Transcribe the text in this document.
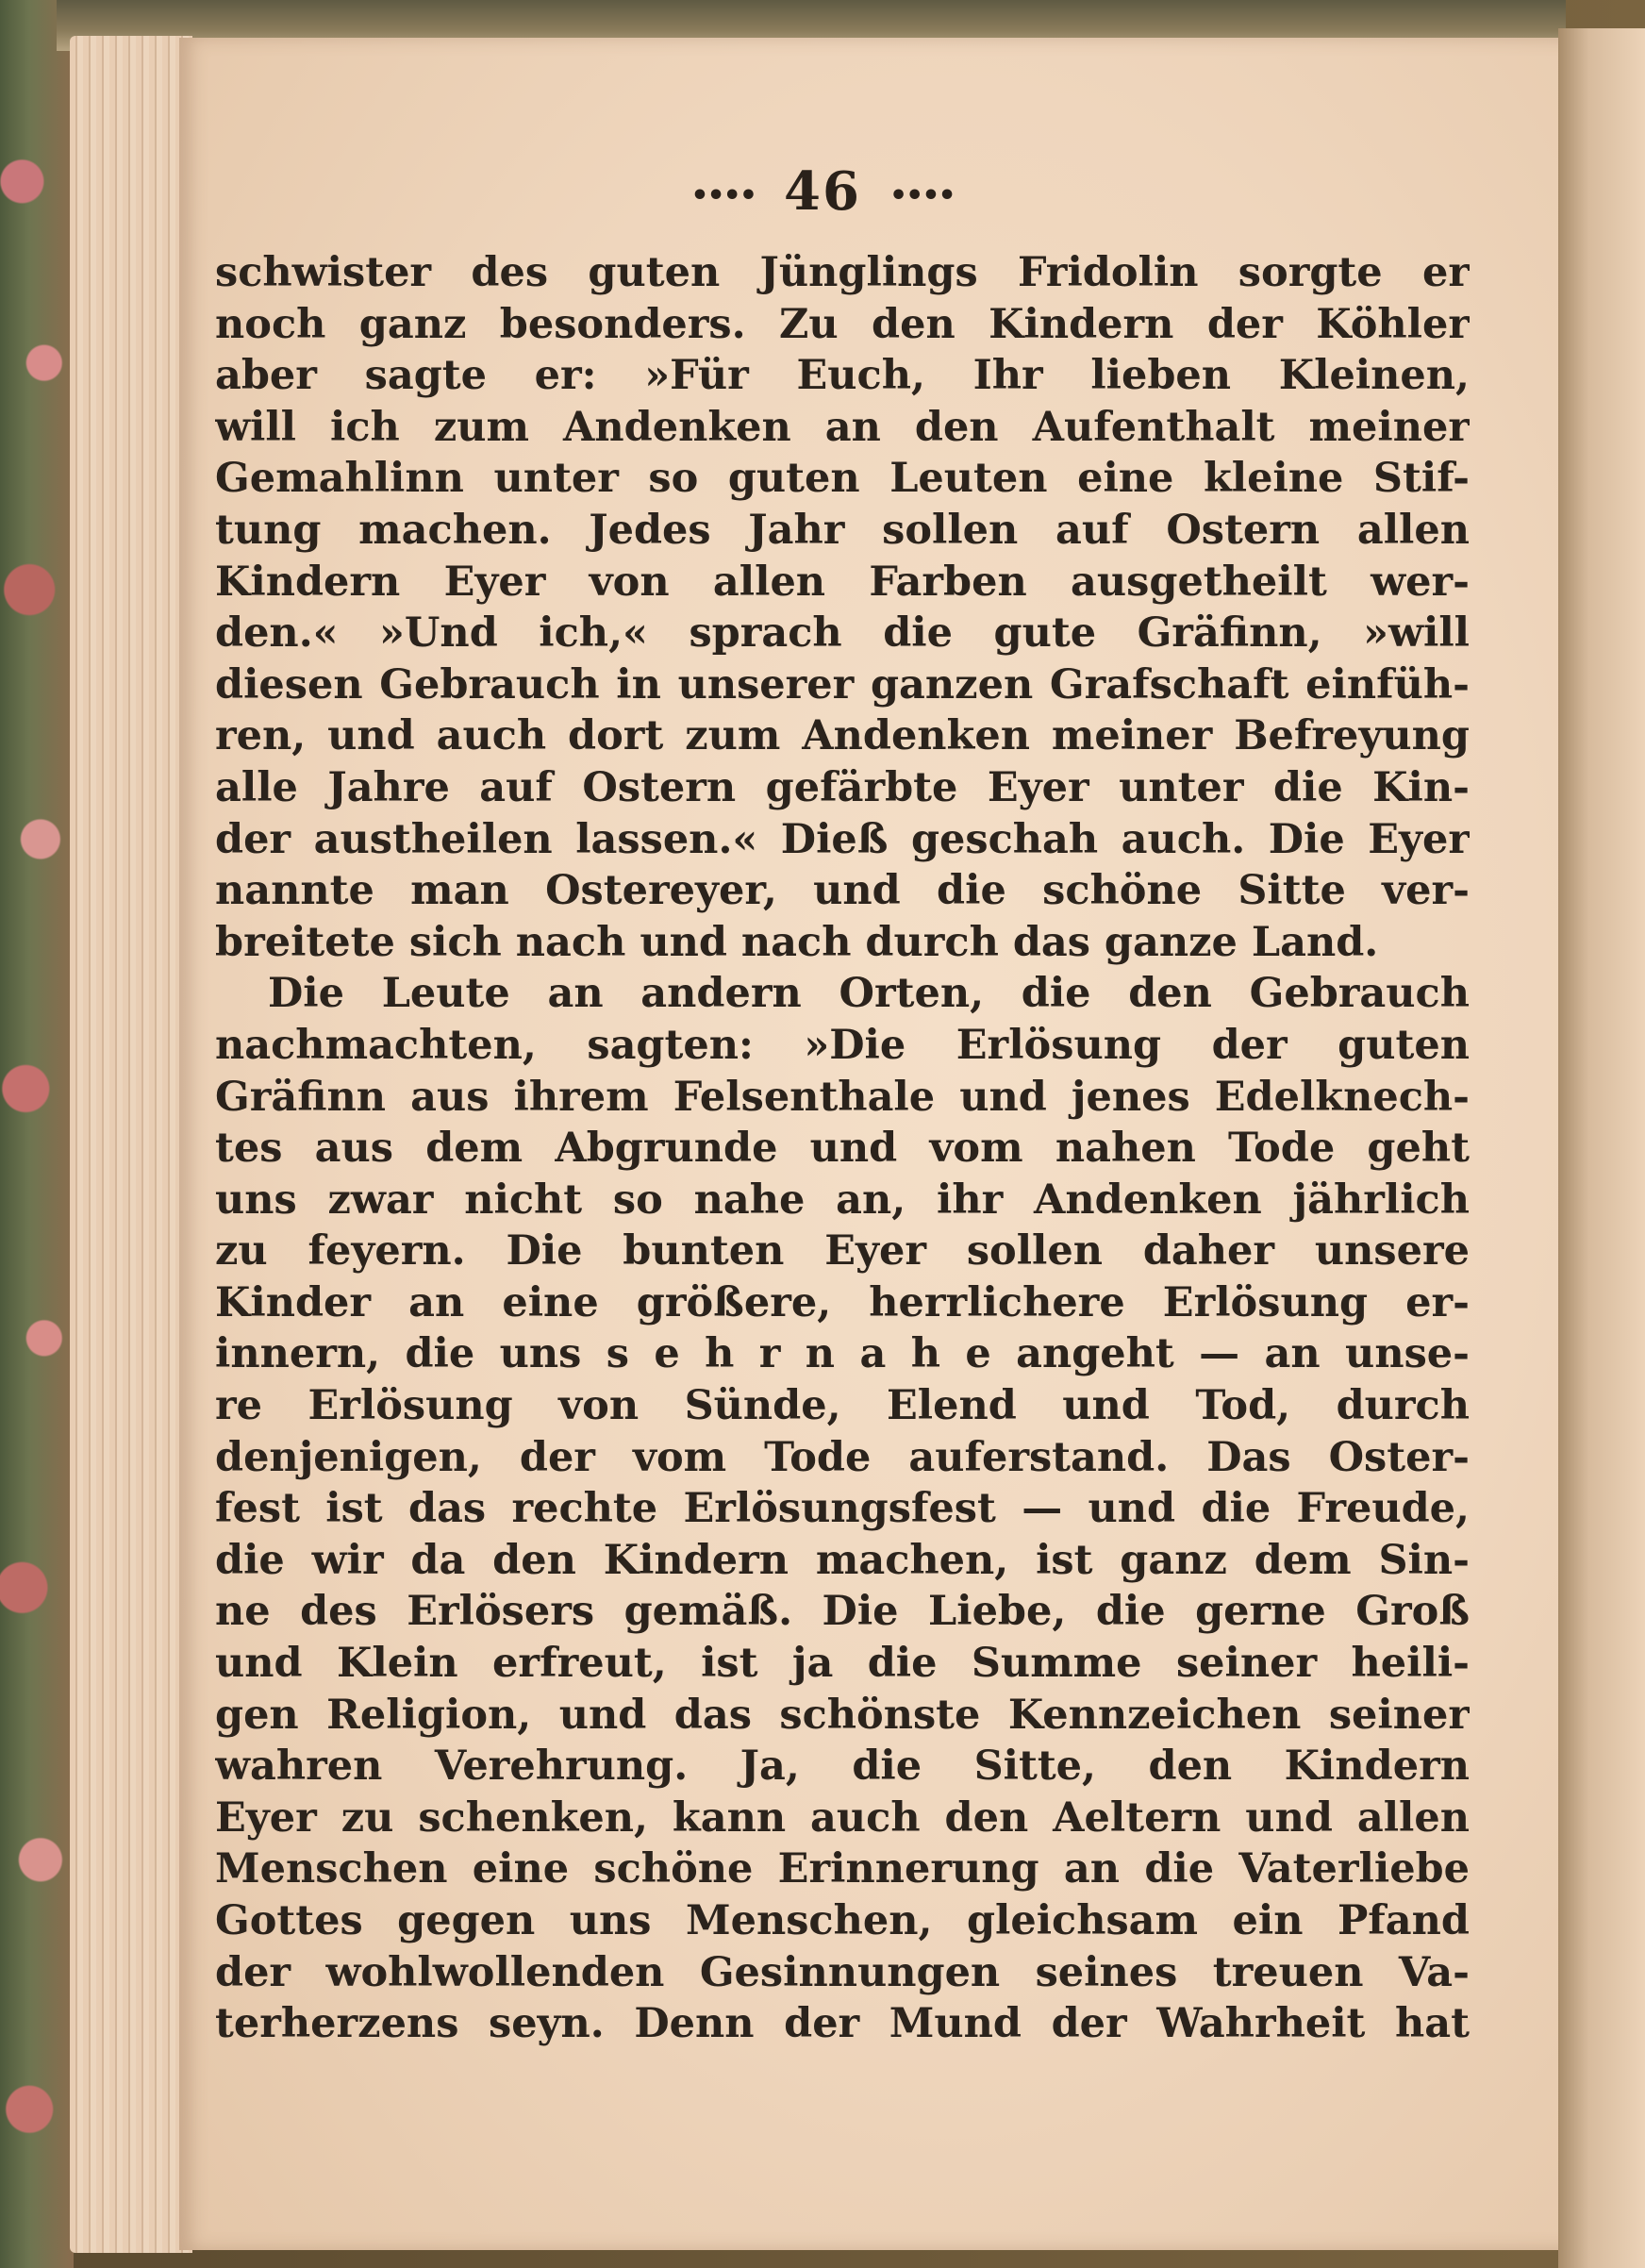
•••• 46 ••••
schwister des guten Jünglings Fridolin sorgte er
noch ganz besonders. Zu den Kindern der Köhler
aber sagte er: »Für Euch, Ihr lieben Kleinen,
will ich zum Andenken an den Aufenthalt meiner
Gemahlinn unter so guten Leuten eine kleine Stif-
tung machen. Jedes Jahr sollen auf Ostern allen
Kindern Eyer von allen Farben ausgetheilt wer-
den.« »Und ich,« sprach die gute Gräfinn, »will
diesen Gebrauch in unserer ganzen Grafschaft einfüh-
ren, und auch dort zum Andenken meiner Befreyung
alle Jahre auf Ostern gefärbte Eyer unter die Kin-
der austheilen lassen.« Dieß geschah auch. Die Eyer
nannte man Ostereyer, und die schöne Sitte ver-
breitete sich nach und nach durch das ganze Land.
Die Leute an andern Orten, die den Gebrauch
nachmachten, sagten: »Die Erlösung der guten
Gräfinn aus ihrem Felsenthale und jenes Edelknech-
tes aus dem Abgrunde und vom nahen Tode geht
uns zwar nicht so nahe an, ihr Andenken jährlich
zu feyern. Die bunten Eyer sollen daher unsere
Kinder an eine größere, herrlichere Erlösung er-
innern, die uns s e h r n a h e angeht — an unse-
re Erlösung von Sünde, Elend und Tod, durch
denjenigen, der vom Tode auferstand. Das Oster-
fest ist das rechte Erlösungsfest — und die Freude,
die wir da den Kindern machen, ist ganz dem Sin-
ne des Erlösers gemäß. Die Liebe, die gerne Groß
und Klein erfreut, ist ja die Summe seiner heili-
gen Religion, und das schönste Kennzeichen seiner
wahren Verehrung. Ja, die Sitte, den Kindern
Eyer zu schenken, kann auch den Aeltern und allen
Menschen eine schöne Erinnerung an die Vaterliebe
Gottes gegen uns Menschen, gleichsam ein Pfand
der wohlwollenden Gesinnungen seines treuen Va-
terherzens seyn. Denn der Mund der Wahrheit hat
